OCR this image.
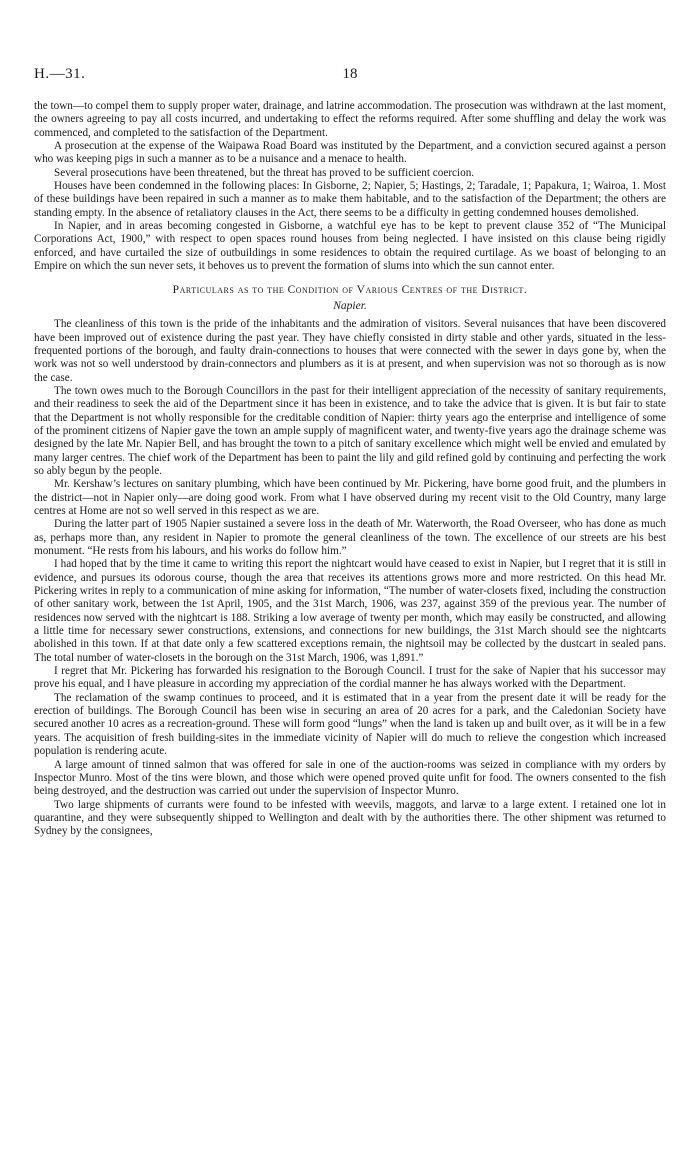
H.—31.	18

the town—to compel them to supply proper water, drainage, and latrine accommodation. The prosecution was withdrawn at the last moment, the owners agreeing to pay all costs incurred, and undertaking to effect the reforms required. After some shuffling and delay the work was commenced, and completed to the satisfaction of the Department.

A prosecution at the expense of the Waipawa Road Board was instituted by the Department, and a conviction secured against a person who was keeping pigs in such a manner as to be a nuisance and a menace to health.

Several prosecutions have been threatened, but the threat has proved to be sufficient coercion.

Houses have been condemned in the following places: In Gisborne, 2; Napier, 5; Hastings, 2; Taradale, 1; Papakura, 1; Wairoa, 1. Most of these buildings have been repaired in such a manner as to make them habitable, and to the satisfaction of the Department; the others are standing empty. In the absence of retaliatory clauses in the Act, there seems to be a difficulty in getting condemned houses demolished.

In Napier, and in areas becoming congested in Gisborne, a watchful eye has to be kept to prevent clause 352 of “The Municipal Corporations Act, 1900,” with respect to open spaces round houses from being neglected. I have insisted on this clause being rigidly enforced, and have curtailed the size of outbuildings in some residences to obtain the required curtilage. As we boast of belonging to an Empire on which the sun never sets, it behoves us to prevent the formation of slums into which the sun cannot enter.

Particulars as to the Condition of Various Centres of the District.
Napier.

The cleanliness of this town is the pride of the inhabitants and the admiration of visitors. Several nuisances that have been discovered have been improved out of existence during the past year. They have chiefly consisted in dirty stable and other yards, situated in the less-frequented portions of the borough, and faulty drain-connections to houses that were connected with the sewer in days gone by, when the work was not so well understood by drain-connectors and plumbers as it is at present, and when supervision was not so thorough as is now the case.

The town owes much to the Borough Councillors in the past for their intelligent appreciation of the necessity of sanitary requirements, and their readiness to seek the aid of the Department since it has been in existence, and to take the advice that is given. It is but fair to state that the Department is not wholly responsible for the creditable condition of Napier: thirty years ago the enterprise and intelligence of some of the prominent citizens of Napier gave the town an ample supply of magnificent water, and twenty-five years ago the drainage scheme was designed by the late Mr. Napier Bell, and has brought the town to a pitch of sanitary excellence which might well be envied and emulated by many larger centres. The chief work of the Department has been to paint the lily and gild refined gold by continuing and perfecting the work so ably begun by the people.

Mr. Kershaw’s lectures on sanitary plumbing, which have been continued by Mr. Pickering, have borne good fruit, and the plumbers in the district—not in Napier only—are doing good work. From what I have observed during my recent visit to the Old Country, many large centres at Home are not so well served in this respect as we are.

During the latter part of 1905 Napier sustained a severe loss in the death of Mr. Waterworth, the Road Overseer, who has done as much as, perhaps more than, any resident in Napier to promote the general cleanliness of the town. The excellence of our streets are his best monument. “He rests from his labours, and his works do follow him.”

I had hoped that by the time it came to writing this report the nightcart would have ceased to exist in Napier, but I regret that it is still in evidence, and pursues its odorous course, though the area that receives its attentions grows more and more restricted. On this head Mr. Pickering writes in reply to a communication of mine asking for information, “The number of water-closets fixed, including the construction of other sanitary work, between the 1st April, 1905, and the 31st March, 1906, was 237, against 359 of the previous year. The number of residences now served with the nightcart is 188. Striking a low average of twenty per month, which may easily be constructed, and allowing a little time for necessary sewer constructions, extensions, and connections for new buildings, the 31st March should see the nightcarts abolished in this town. If at that date only a few scattered exceptions remain, the nightsoil may be collected by the dustcart in sealed pans. The total number of water-closets in the borough on the 31st March, 1906, was 1,891.”

I regret that Mr. Pickering has forwarded his resignation to the Borough Council. I trust for the sake of Napier that his successor may prove his equal, and I have pleasure in according my appreciation of the cordial manner he has always worked with the Department.

The reclamation of the swamp continues to proceed, and it is estimated that in a year from the present date it will be ready for the erection of buildings. The Borough Council has been wise in securing an area of 20 acres for a park, and the Caledonian Society have secured another 10 acres as a recreation-ground. These will form good “lungs” when the land is taken up and built over, as it will be in a few years. The acquisition of fresh building-sites in the immediate vicinity of Napier will do much to relieve the congestion which increased population is rendering acute.

A large amount of tinned salmon that was offered for sale in one of the auction-rooms was seized in compliance with my orders by Inspector Munro. Most of the tins were blown, and those which were opened proved quite unfit for food. The owners consented to the fish being destroyed, and the destruction was carried out under the supervision of Inspector Munro.

Two large shipments of currants were found to be infested with weevils, maggots, and larvæ to a large extent. I retained one lot in quarantine, and they were subsequently shipped to Wellington and dealt with by the authorities there. The other shipment was returned to Sydney by the consignees,
